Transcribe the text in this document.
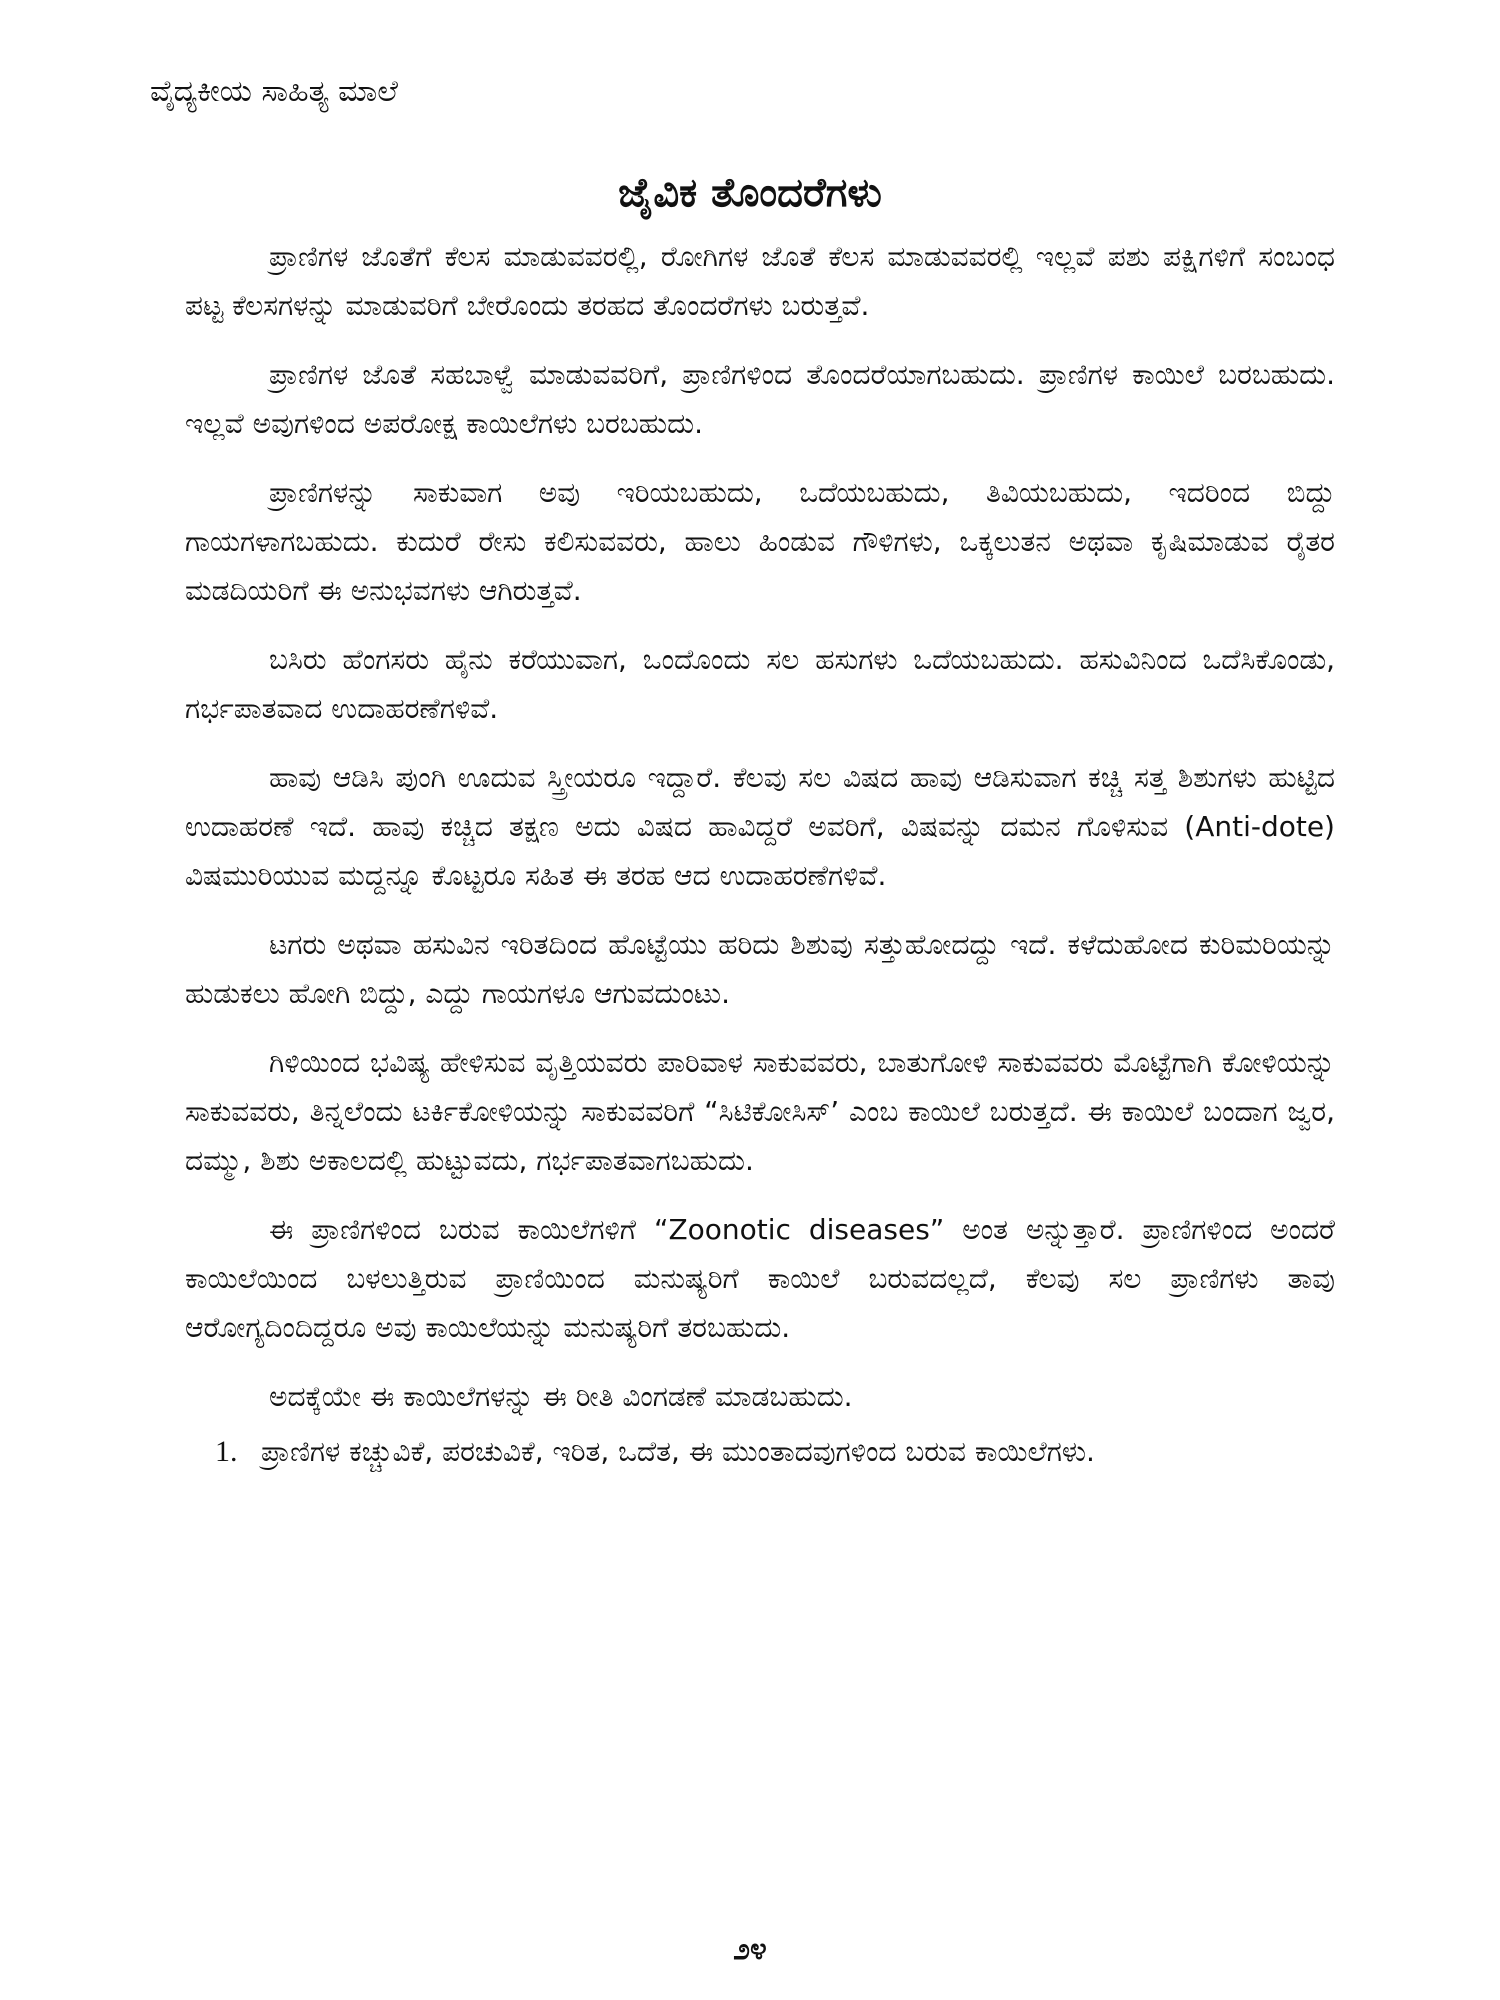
ವೈದ್ಯಕೀಯ ಸಾಹಿತ್ಯ ಮಾಲೆ
ಜೈವಿಕ ತೊಂದರೆಗಳು

ಪ್ರಾಣಿಗಳ ಜೊತೆಗೆ ಕೆಲಸ ಮಾಡುವವರಲ್ಲಿ, ರೋಗಿಗಳ ಜೊತೆ ಕೆಲಸ ಮಾಡುವವರಲ್ಲಿ ಇಲ್ಲವೆ ಪಶು ಪಕ್ಷಿಗಳಿಗೆ ಸಂಬಂಧ ಪಟ್ಟ ಕೆಲಸಗಳನ್ನು ಮಾಡುವರಿಗೆ ಬೇರೊಂದು ತರಹದ ತೊಂದರೆಗಳು ಬರುತ್ತವೆ.

ಪ್ರಾಣಿಗಳ ಜೊತೆ ಸಹಬಾಳ್ವೆ ಮಾಡುವವರಿಗೆ, ಪ್ರಾಣಿಗಳಿಂದ ತೊಂದರೆಯಾಗಬಹುದು. ಪ್ರಾಣಿಗಳ ಕಾಯಿಲೆ ಬರಬಹುದು. ಇಲ್ಲವೆ ಅವುಗಳಿಂದ ಅಪರೋಕ್ಷ ಕಾಯಿಲೆಗಳು ಬರಬಹುದು.

ಪ್ರಾಣಿಗಳನ್ನು ಸಾಕುವಾಗ ಅವು ಇರಿಯಬಹುದು, ಒದೆಯಬಹುದು, ತಿವಿಯಬಹುದು, ಇದರಿಂದ ಬಿದ್ದು ಗಾಯಗಳಾಗಬಹುದು. ಕುದುರೆ ರೇಸು ಕಲಿಸುವವರು, ಹಾಲು ಹಿಂಡುವ ಗೌಳಿಗಳು, ಒಕ್ಕಲುತನ ಅಥವಾ ಕೃಷಿಮಾಡುವ ರೈತರ ಮಡದಿಯರಿಗೆ ಈ ಅನುಭವಗಳು ಆಗಿರುತ್ತವೆ.

ಬಸಿರು ಹೆಂಗಸರು ಹೈನು ಕರೆಯುವಾಗ, ಒಂದೊಂದು ಸಲ ಹಸುಗಳು ಒದೆಯಬಹುದು. ಹಸುವಿನಿಂದ ಒದೆಸಿಕೊಂಡು, ಗರ್ಭಪಾತವಾದ ಉದಾಹರಣೆಗಳಿವೆ.

ಹಾವು ಆಡಿಸಿ ಪುಂಗಿ ಊದುವ ಸ್ತ್ರೀಯರೂ ಇದ್ದಾರೆ. ಕೆಲವು ಸಲ ವಿಷದ ಹಾವು ಆಡಿಸುವಾಗ ಕಚ್ಚಿ ಸತ್ತ ಶಿಶುಗಳು ಹುಟ್ಟಿದ ಉದಾಹರಣೆ ಇದೆ. ಹಾವು ಕಚ್ಚಿದ ತಕ್ಷಣ ಅದು ವಿಷದ ಹಾವಿದ್ದರೆ ಅವರಿಗೆ, ವಿಷವನ್ನು ದಮನ ಗೊಳಿಸುವ (Anti-dote) ವಿಷಮುರಿಯುವ ಮದ್ದನ್ನೂ ಕೊಟ್ಟರೂ ಸಹಿತ ಈ ತರಹ ಆದ ಉದಾಹರಣೆಗಳಿವೆ.

ಟಗರು ಅಥವಾ ಹಸುವಿನ ಇರಿತದಿಂದ ಹೊಟ್ಟೆಯು ಹರಿದು ಶಿಶುವು ಸತ್ತುಹೋದದ್ದು ಇದೆ. ಕಳೆದುಹೋದ ಕುರಿಮರಿಯನ್ನು ಹುಡುಕಲು ಹೋಗಿ ಬಿದ್ದು, ಎದ್ದು ಗಾಯಗಳೂ ಆಗುವದುಂಟು.

ಗಿಳಿಯಿಂದ ಭವಿಷ್ಯ ಹೇಳಿಸುವ ವೃತ್ತಿಯವರು ಪಾರಿವಾಳ ಸಾಕುವವರು, ಬಾತುಗೋಳಿ ಸಾಕುವವರು ಮೊಟ್ಟೆಗಾಗಿ ಕೋಳಿಯನ್ನು ಸಾಕುವವರು, ತಿನ್ನಲೆಂದು ಟರ್ಕಿಕೋಳಿಯನ್ನು ಸಾಕುವವರಿಗೆ “ಸಿಟಿಕೋಸಿಸ್’ ಎಂಬ ಕಾಯಿಲೆ ಬರುತ್ತದೆ. ಈ ಕಾಯಿಲೆ ಬಂದಾಗ ಜ್ವರ, ದಮ್ಮು, ಶಿಶು ಅಕಾಲದಲ್ಲಿ ಹುಟ್ಟುವದು, ಗರ್ಭಪಾತವಾಗಬಹುದು.

ಈ ಪ್ರಾಣಿಗಳಿಂದ ಬರುವ ಕಾಯಿಲೆಗಳಿಗೆ “Zoonotic diseases” ಅಂತ ಅನ್ನುತ್ತಾರೆ. ಪ್ರಾಣಿಗಳಿಂದ ಅಂದರೆ ಕಾಯಿಲೆಯಿಂದ ಬಳಲುತ್ತಿರುವ ಪ್ರಾಣಿಯಿಂದ ಮನುಷ್ಯರಿಗೆ ಕಾಯಿಲೆ ಬರುವದಲ್ಲದೆ, ಕೆಲವು ಸಲ ಪ್ರಾಣಿಗಳು ತಾವು ಆರೋಗ್ಯದಿಂದಿದ್ದರೂ ಅವು ಕಾಯಿಲೆಯನ್ನು ಮನುಷ್ಯರಿಗೆ ತರಬಹುದು.

ಅದಕ್ಕೆಯೇ ಈ ಕಾಯಿಲೆಗಳನ್ನು ಈ ರೀತಿ ವಿಂಗಡಣೆ ಮಾಡಬಹುದು.

1. ಪ್ರಾಣಿಗಳ ಕಚ್ಚುವಿಕೆ, ಪರಚುವಿಕೆ, ಇರಿತ, ಒದೆತ, ಈ ಮುಂತಾದವುಗಳಿಂದ ಬರುವ ಕಾಯಿಲೆಗಳು.
೨೪
